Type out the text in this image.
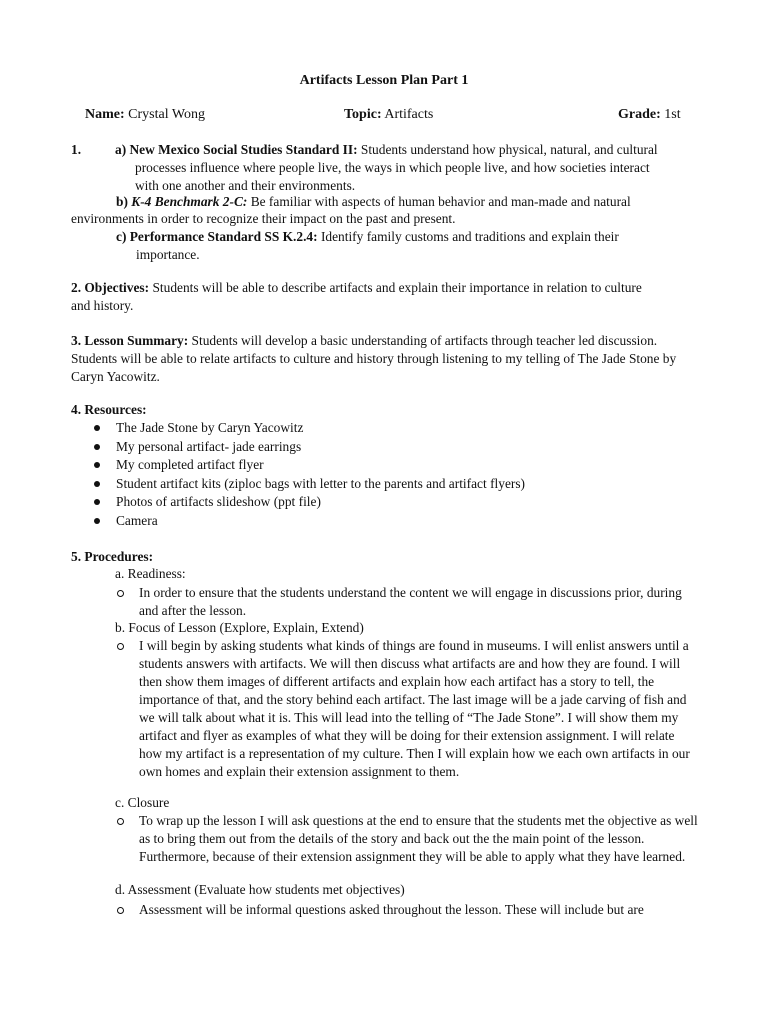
Artifacts Lesson Plan Part 1
Name: Crystal Wong	Topic: Artifacts	Grade: 1st
1.	a) New Mexico Social Studies Standard II: Students understand how physical, natural, and cultural processes influence where people live, the ways in which people live, and how societies interact with one another and their environments.
b) K-4 Benchmark 2-C: Be familiar with aspects of human behavior and man-made and natural
environments in order to recognize their impact on the past and present.
c) Performance Standard SS K.2.4: Identify family customs and traditions and explain their importance.
2. Objectives: Students will be able to describe artifacts and explain their importance in relation to culture and history.
3. Lesson Summary: Students will develop a basic understanding of artifacts through teacher led discussion. Students will be able to relate artifacts to culture and history through listening to my telling of The Jade Stone by Caryn Yacowitz.
4. Resources:
The Jade Stone by Caryn Yacowitz
My personal artifact- jade earrings
My completed artifact flyer
Student artifact kits (ziploc bags with letter to the parents and artifact flyers)
Photos of artifacts slideshow (ppt file)
Camera
5. Procedures:
a. Readiness:
In order to ensure that the students understand the content we will engage in discussions prior, during and after the lesson.
b. Focus of Lesson (Explore, Explain, Extend)
I will begin by asking students what kinds of things are found in museums. I will enlist answers until a students answers with artifacts. We will then discuss what artifacts are and how they are found. I will then show them images of different artifacts and explain how each artifact has a story to tell, the importance of that, and the story behind each artifact. The last image will be a jade carving of fish and we will talk about what it is. This will lead into the telling of “The Jade Stone”. I will show them my artifact and flyer as examples of what they will be doing for their extension assignment. I will relate how my artifact is a representation of my culture. Then I will explain how we each own artifacts in our own homes and explain their extension assignment to them.
c. Closure
To wrap up the lesson I will ask questions at the end to ensure that the students met the objective as well as to bring them out from the details of the story and back out the the main point of the lesson. Furthermore, because of their extension assignment they will be able to apply what they have learned.
d. Assessment (Evaluate how students met objectives)
Assessment will be informal questions asked throughout the lesson. These will include but are
